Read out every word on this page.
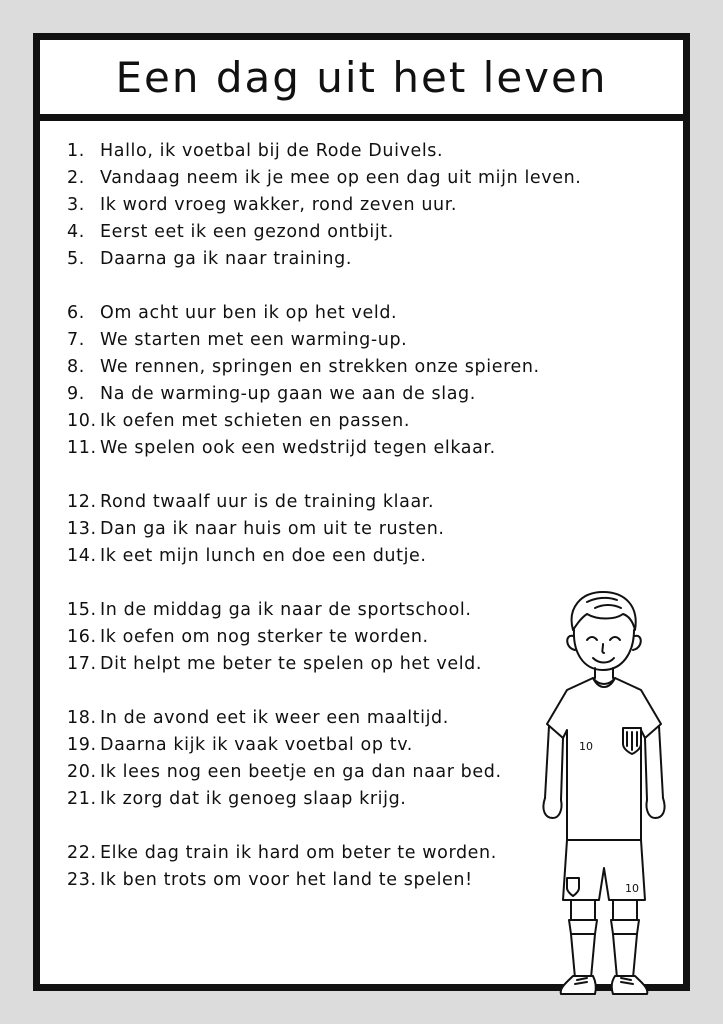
Een dag uit het leven
1. Hallo, ik voetbal bij de Rode Duivels.
2. Vandaag neem ik je mee op een dag uit mijn leven.
3. Ik word vroeg wakker, rond zeven uur.
4. Eerst eet ik een gezond ontbijt.
5. Daarna ga ik naar training.
6. Om acht uur ben ik op het veld.
7. We starten met een warming-up.
8. We rennen, springen en strekken onze spieren.
9. Na de warming-up gaan we aan de slag.
10. Ik oefen met schieten en passen.
11. We spelen ook een wedstrijd tegen elkaar.
12. Rond twaalf uur is de training klaar.
13. Dan ga ik naar huis om uit te rusten.
14. Ik eet mijn lunch en doe een dutje.
15. In de middag ga ik naar de sportschool.
16. Ik oefen om nog sterker te worden.
17. Dit helpt me beter te spelen op het veld.
18. In de avond eet ik weer een maaltijd.
19. Daarna kijk ik vaak voetbal op tv.
20. Ik lees nog een beetje en ga dan naar bed.
21. Ik zorg dat ik genoeg slaap krijg.
22. Elke dag train ik hard om beter te worden.
23. Ik ben trots om voor het land te spelen!
10
10
